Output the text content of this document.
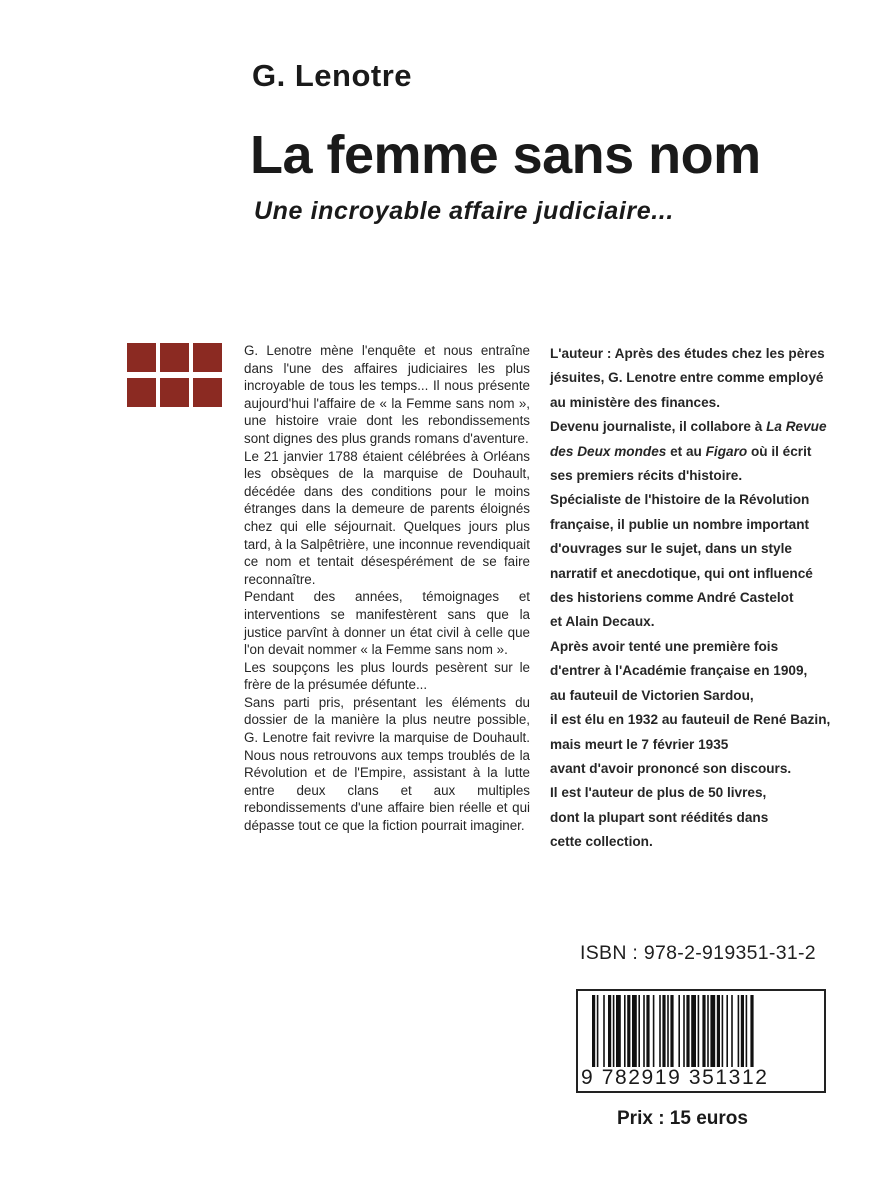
G. Lenotre
La femme sans nom
Une incroyable affaire judiciaire...

G. Lenotre mène l'enquête et nous entraîne dans l'une des affaires judiciaires les plus incroyable de tous les temps... Il nous présente aujourd'hui l'affaire de « la Femme sans nom », une histoire vraie dont les rebondissements sont dignes des plus grands romans d'aventure.

Le 21 janvier 1788 étaient célébrées à Orléans les obsèques de la marquise de Douhault, décédée dans des conditions pour le moins étranges dans la demeure de parents éloignés chez qui elle séjournait. Quelques jours plus tard, à la Salpêtrière, une inconnue revendiquait ce nom et tentait désespérément de se faire reconnaître.

Pendant des années, témoignages et interventions se manifestèrent sans que la justice parvînt à donner un état civil à celle que l'on devait nommer « la Femme sans nom ».

Les soupçons les plus lourds pesèrent sur le frère de la présumée défunte...

Sans parti pris, présentant les éléments du dossier de la manière la plus neutre possible, G. Lenotre fait revivre la marquise de Douhault. Nous nous retrouvons aux temps troublés de la Révolution et de l'Empire, assistant à la lutte entre deux clans et aux multiples rebondissements d'une affaire bien réelle et qui dépasse tout ce que la fiction pourrait imaginer.

L'auteur : Après des études chez les pères
jésuites, G. Lenotre entre comme employé
au ministère des finances.

Devenu journaliste, il collabore à La Revue
des Deux mondes et au Figaro où il écrit
ses premiers récits d'histoire.

Spécialiste de l'histoire de la Révolution
française, il publie un nombre important
d'ouvrages sur le sujet, dans un style
narratif et anecdotique, qui ont influencé
des historiens comme André Castelot
et Alain Decaux.

Après avoir tenté une première fois
d'entrer à l'Académie française en 1909,
au fauteuil de Victorien Sardou,
il est élu en 1932 au fauteuil de René Bazin,
mais meurt le 7 février 1935
avant d'avoir prononcé son discours.
Il est l'auteur de plus de 50 livres,
dont la plupart sont réédités dans
cette collection.

ISBN : 978-2-919351-31-2
9 782919 351312
Prix : 15 euros
